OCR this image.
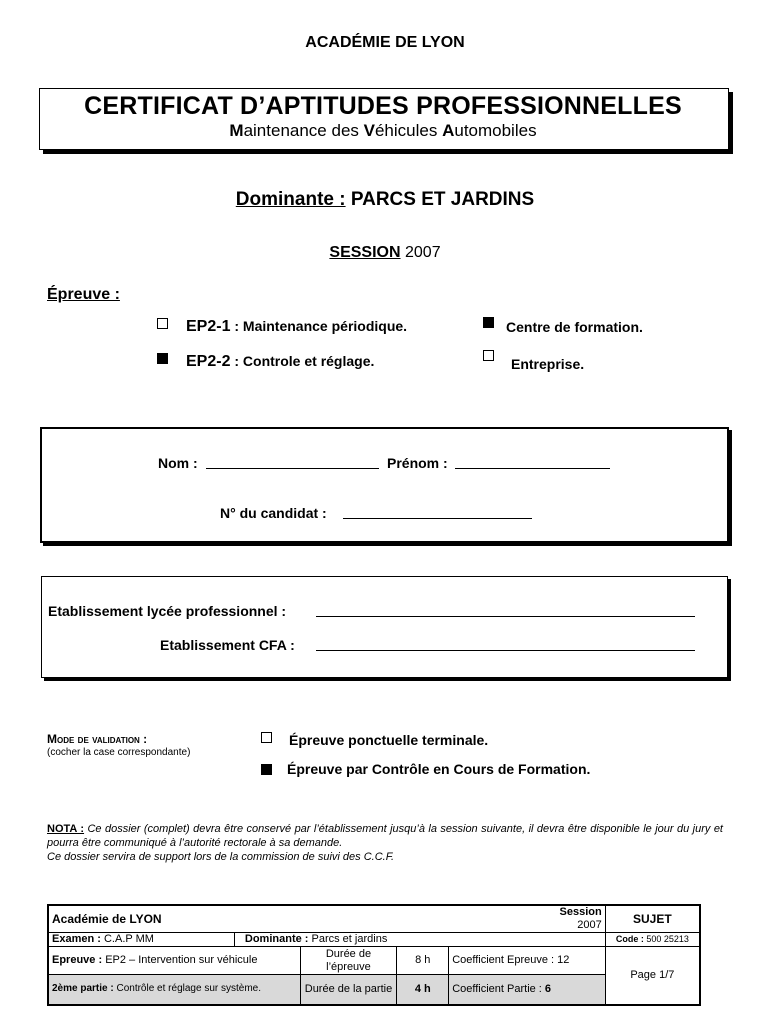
ACADÉMIE DE LYON
CERTIFICAT D’APTITUDES PROFESSIONNELLES
Maintenance des Véhicules Automobiles
Dominante : PARCS ET JARDINS
SESSION 2007
Épreuve :
EP2-1 : Maintenance périodique.
EP2-2 : Controle et réglage.
Centre de formation.
Entreprise.
Nom :	Prénom :
N° du candidat :
Etablissement lycée professionnel :
Etablissement CFA :
Mode de validation :
(cocher la case correspondante)
Épreuve ponctuelle terminale.
Épreuve par Contrôle en Cours de Formation.
NOTA : Ce dossier (complet) devra être conservé par l’établissement jusqu’à la session suivante, il devra être disponible le jour du jury et pourra être communiqué à l’autorité rectorale à sa demande.
Ce dossier servira de support lors de la commission de suivi des C.C.F.
Académie de LYON					Session 2007	SUJET
Examen : C.A.P MM	Dominante : Parcs et jardins					Code : 500 25213
Epreuve : EP2 – Intervention sur véhicule		Durée de l’épreuve	8 h	Coefficient Epreuve : 12		Page 1/7
2ème partie : Contrôle et réglage sur système.		Durée de la partie	4 h	Coefficient Partie : 6		
